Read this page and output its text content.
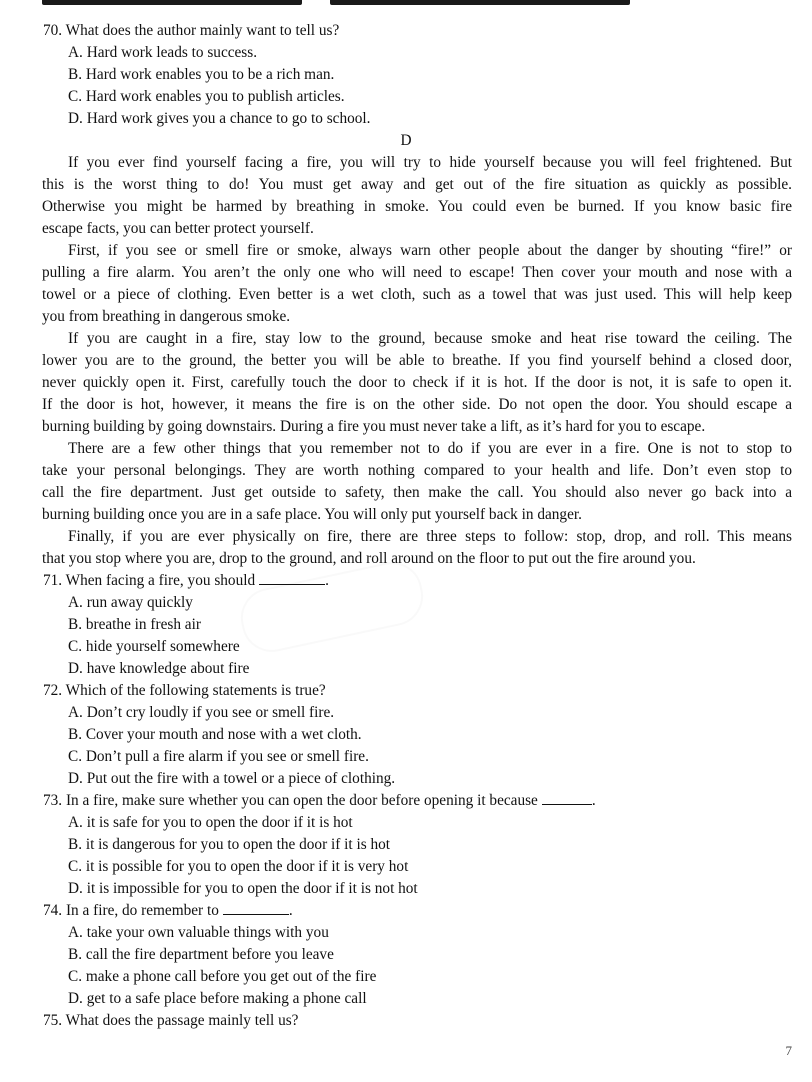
70. What does the author mainly want to tell us?
A. Hard work leads to success.
B. Hard work enables you to be a rich man.
C. Hard work enables you to publish articles.
D. Hard work gives you a chance to go to school.
D
If you ever find yourself facing a fire, you will try to hide yourself because you will feel frightened. But
this is the worst thing to do! You must get away and get out of the fire situation as quickly as possible.
Otherwise you might be harmed by breathing in smoke. You could even be burned. If you know basic fire
escape facts, you can better protect yourself.
First, if you see or smell fire or smoke, always warn other people about the danger by shouting “fire!” or
pulling a fire alarm. You aren’t the only one who will need to escape! Then cover your mouth and nose with a
towel or a piece of clothing. Even better is a wet cloth, such as a towel that was just used. This will help keep
you from breathing in dangerous smoke.
If you are caught in a fire, stay low to the ground, because smoke and heat rise toward the ceiling. The
lower you are to the ground, the better you will be able to breathe. If you find yourself behind a closed door,
never quickly open it. First, carefully touch the door to check if it is hot. If the door is not, it is safe to open it.
If the door is hot, however, it means the fire is on the other side. Do not open the door. You should escape a
burning building by going downstairs. During a fire you must never take a lift, as it’s hard for you to escape.
There are a few other things that you remember not to do if you are ever in a fire. One is not to stop to
take your personal belongings. They are worth nothing compared to your health and life. Don’t even stop to
call the fire department. Just get outside to safety, then make the call. You should also never go back into a
burning building once you are in a safe place. You will only put yourself back in danger.
Finally, if you are ever physically on fire, there are three steps to follow: stop, drop, and roll. This means
that you stop where you are, drop to the ground, and roll around on the floor to put out the fire around you.
71. When facing a fire, you should	.
A. run away quickly
B. breathe in fresh air
C. hide yourself somewhere
D. have knowledge about fire
72. Which of the following statements is true?
A. Don’t cry loudly if you see or smell fire.
B. Cover your mouth and nose with a wet cloth.
C. Don’t pull a fire alarm if you see or smell fire.
D. Put out the fire with a towel or a piece of clothing.
73. In a fire, make sure whether you can open the door before opening it because	.
A. it is safe for you to open the door if it is hot
B. it is dangerous for you to open the door if it is hot
C. it is possible for you to open the door if it is very hot
D. it is impossible for you to open the door if it is not hot
74. In a fire, do remember to	.
A. take your own valuable things with you
B. call the fire department before you leave
C. make a phone call before you get out of the fire
D. get to a safe place before making a phone call
75. What does the passage mainly tell us?
7
